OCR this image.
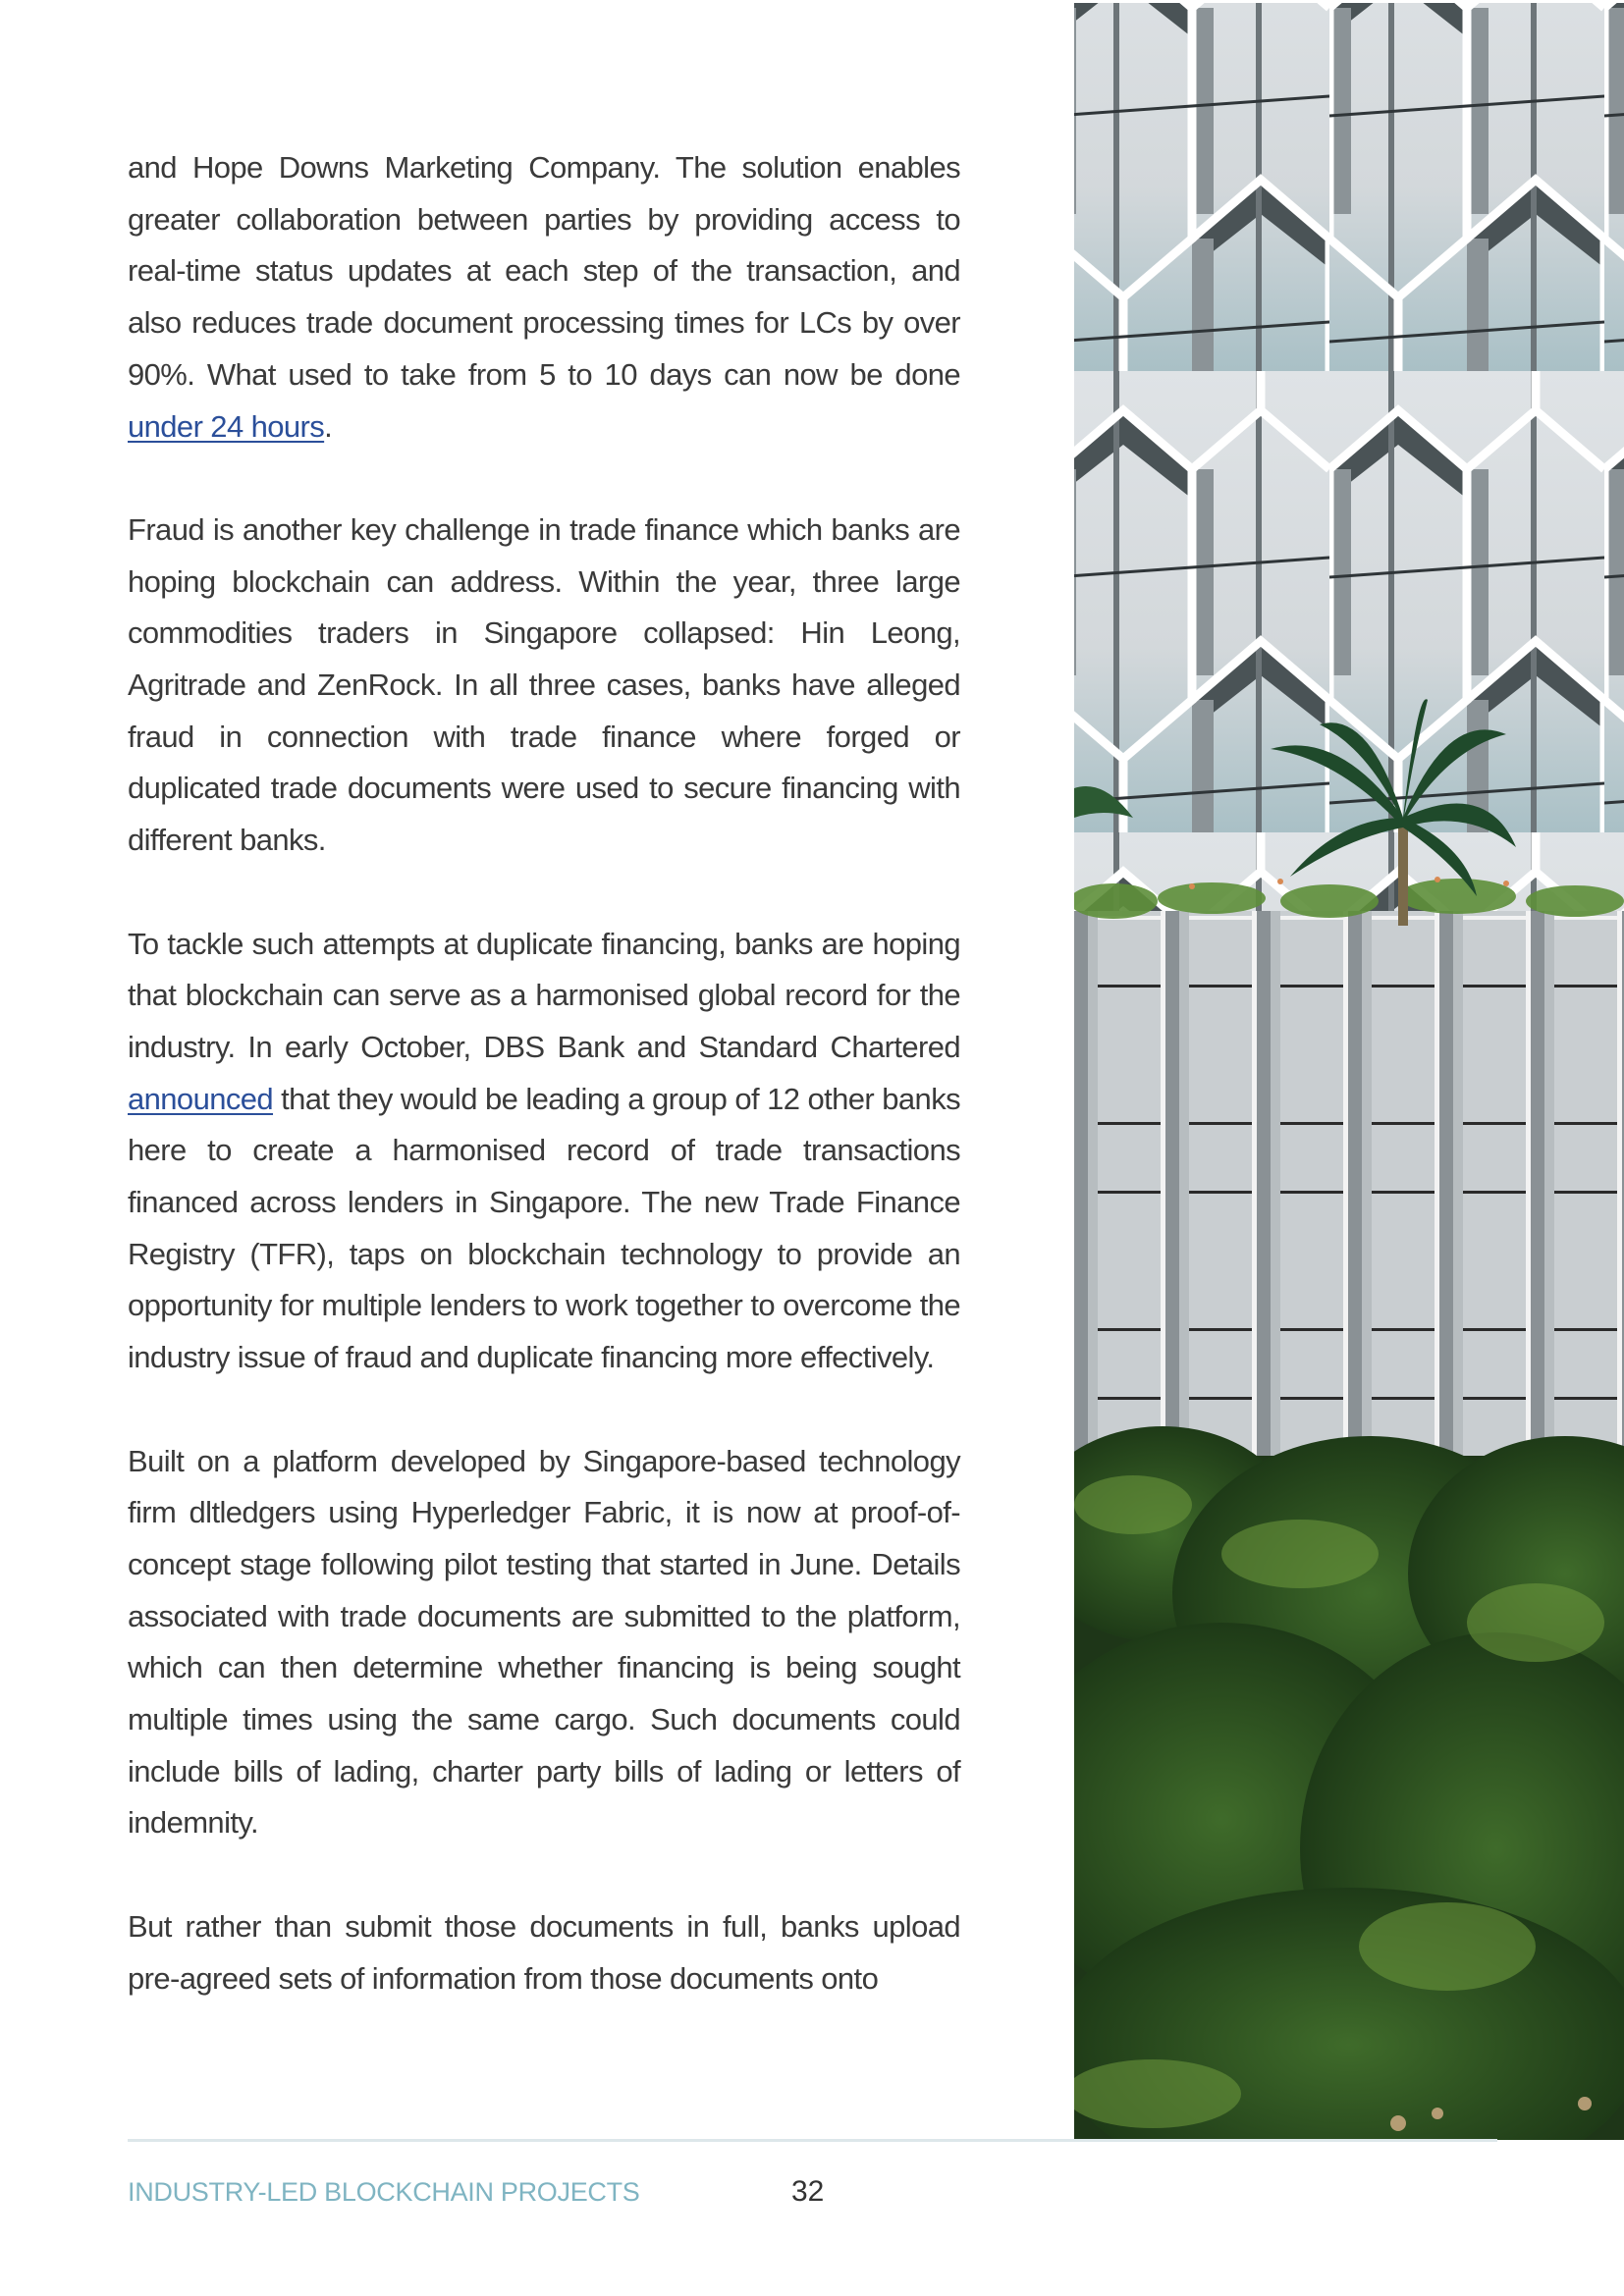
and Hope Downs Marketing Company. The solution enables greater collaboration between parties by providing access to real-time status updates at each step of the transaction, and also reduces trade document processing times for LCs by over 90%. What used to take from 5 to 10 days can now be done under 24 hours.

Fraud is another key challenge in trade finance which banks are hoping blockchain can address. Within the year, three large commodities traders in Singapore collapsed: Hin Leong, Agritrade and ZenRock. In all three cases, banks have alleged fraud in connection with trade finance where forged or duplicated trade documents were used to secure financing with different banks.

To tackle such attempts at duplicate financing, banks are hoping that blockchain can serve as a harmonised global record for the industry. In early October, DBS Bank and Standard Chartered announced that they would be leading a group of 12 other banks here to create a harmonised record of trade transactions financed across lenders in Singapore. The new Trade Finance Registry (TFR), taps on blockchain technology to provide an opportunity for multiple lenders to work together to overcome the industry issue of fraud and duplicate financing more effectively.

Built on a platform developed by Singapore-based technology firm dltledgers using Hyperledger Fabric, it is now at proof-of-concept stage following pilot testing that started in June. Details associated with trade documents are submitted to the platform, which can then determine whether financing is being sought multiple times using the same cargo. Such documents could include bills of lading, charter party bills of lading or letters of indemnity.

But rather than submit those documents in full, banks upload pre-agreed sets of information from those documents onto

INDUSTRY-LED BLOCKCHAIN PROJECTS	32
